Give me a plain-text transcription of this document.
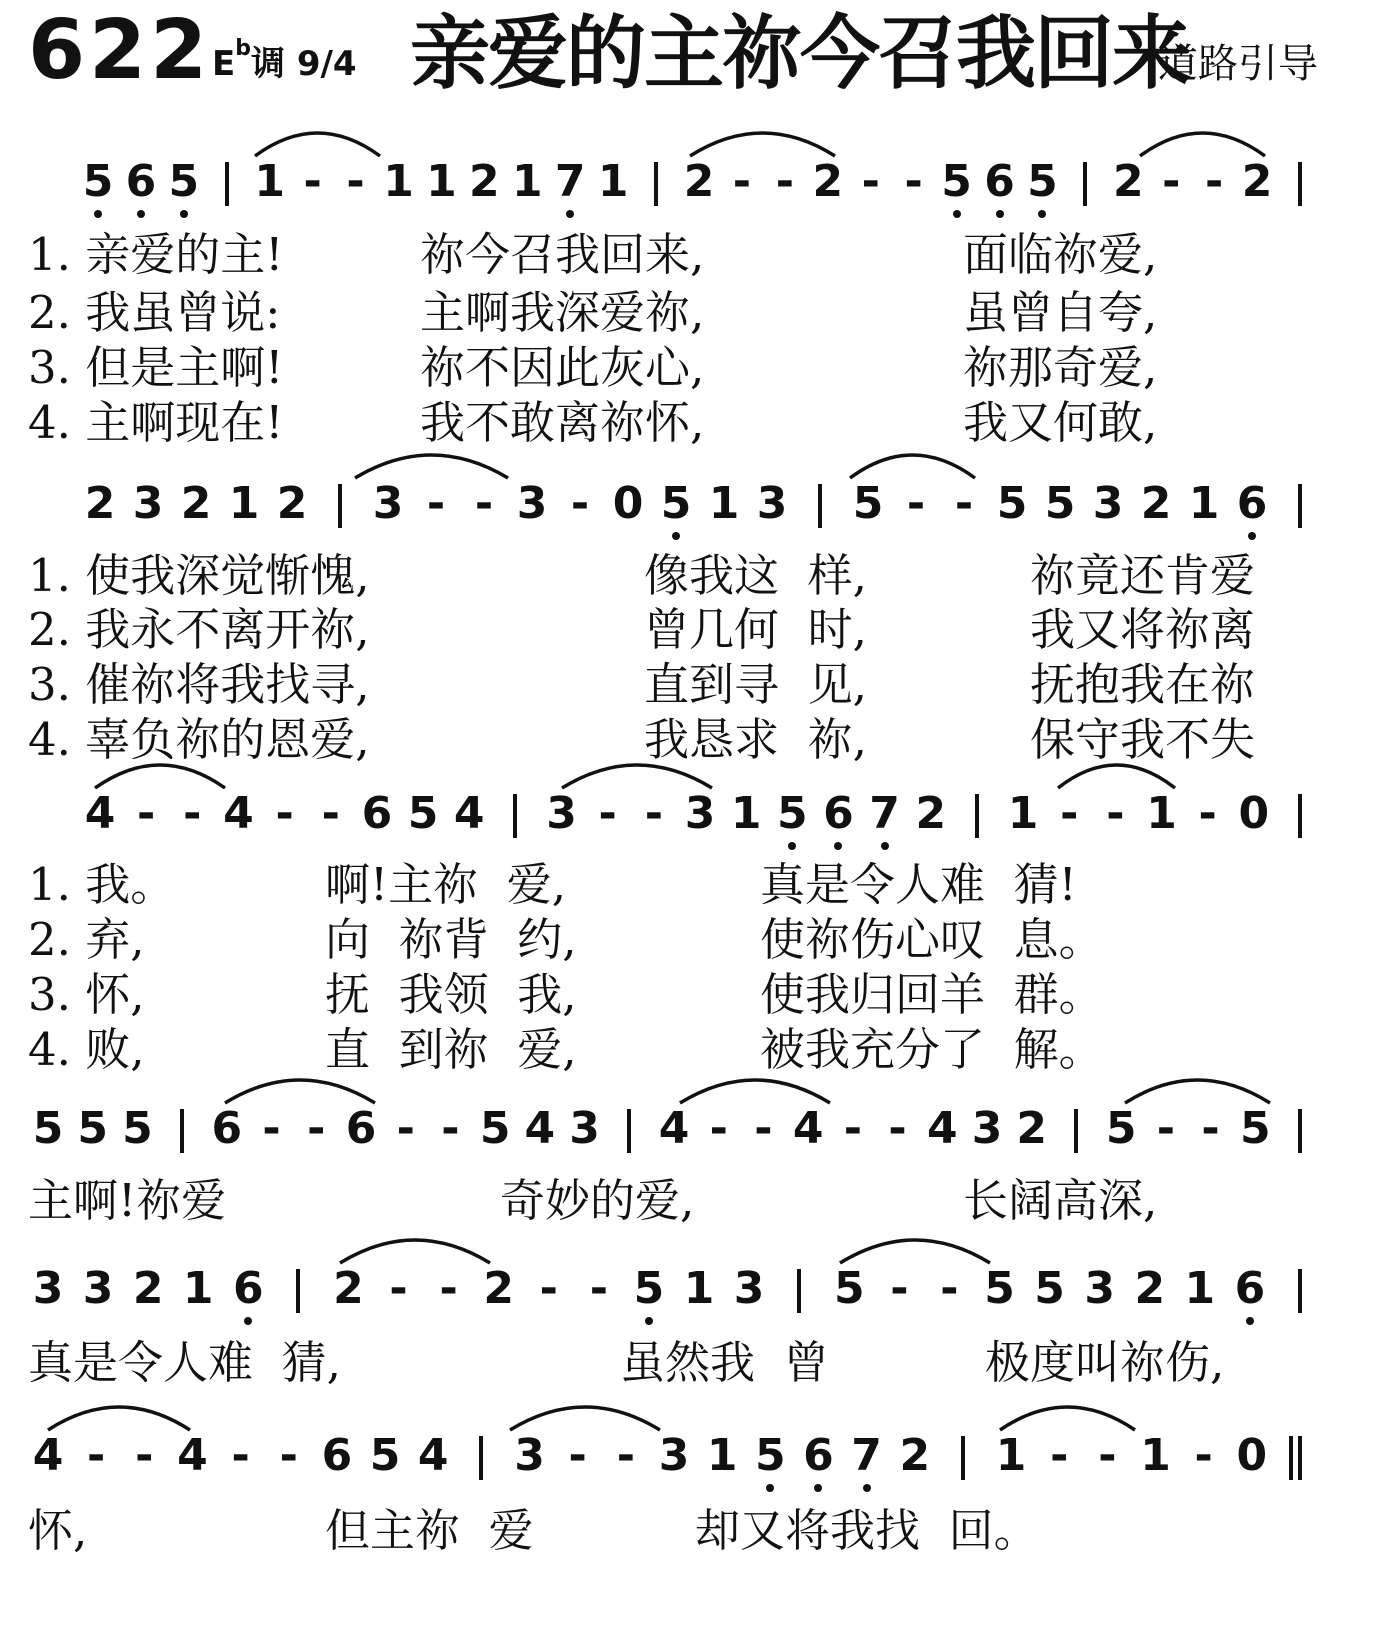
622 $E^b$调 9/4 亲爱的主祢今召我回来
道路引导
1. 亲爱的主!	祢今召我回来,	面临祢爱,
2. 我虽曾说:	主啊我深爱祢,	虽曾自夸,
3. 但是主啊!	祢不因此灰心,	祢那奇爱,
4. 主啊现在!	我不敢离祢怀,	我又何敢,
1. 使我深觉惭愧,	像我这  样,	祢竟还肯爱
2. 我永不离开祢,	曾几何  时,	我又将祢离
3. 催祢将我找寻,	直到寻  见,	抚抱我在祢
4. 辜负祢的恩爱,	我恳求  祢,	保守我不失
1. 我。	啊!主祢  爱,	真是令人难  猜!
2. 弃,	向  祢背  约,	使祢伤心叹  息。
3. 怀,	抚  我领  我,	使我归回羊  群。
4. 败,	直  到祢  爱,	被我充分了  解。
主啊!祢爱	奇妙的爱,	长阔高深,
真是令人难  猜,	虽然我  曾	极度叫祢伤,
怀,	但主祢  爱	却又将我找  回。
5 6 5 1 - - 1 1 2 1 7 1 2 - - 2 - - 5 6 5 2 - - 2
2 3 2 1 2 3 - - 3 - 0 5 1 3 5 - - 5 5 3 2 1 6
4 - - 4 - - 6 5 4 3 - - 3 1 5 6 7 2 1 - - 1 - 0
5 5 5 6 - - 6 - - 5 4 3 4 - - 4 - - 4 3 2 5 - - 5
3 3 2 1 6 2 - - 2 - - 5 1 3 5 - - 5 5 3 2 1 6
4 - - 4 - - 6 5 4 3 - - 3 1 5 6 7 2 1 - - 1 - 0
